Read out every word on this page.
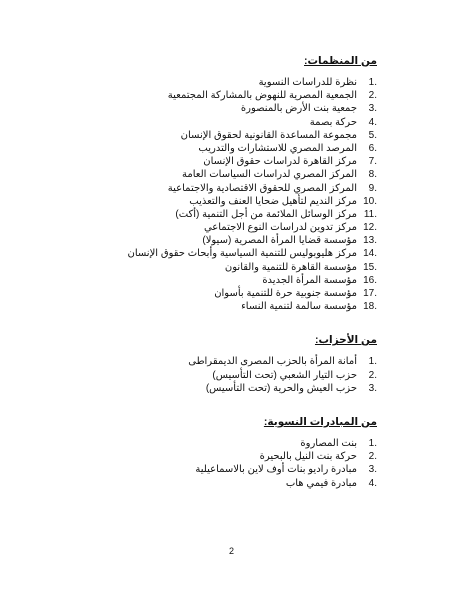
من المنظمات:
1.
نظرة للدراسات النسوية
2.
الجمعية المصرية للنهوض بالمشاركة المجتمعية
3.
جمعية بنت الأرض بالمنصورة
4.
حركة بصمة
5.
مجموعة المساعدة القانونية لحقوق الإنسان
6.
المرصد المصري للاستشارات والتدريب
7.
مركز القاهرة لدراسات حقوق الإنسان
8.
المركز المصري لدراسات السياسات العامة
9.
المركز المصري للحقوق الاقتصادية والاجتماعية
10.
مركز النديم لتأهيل ضحايا العنف والتعذيب
11.
مركز الوسائل الملائمة من أجل التنمية (أكت)
12.
مركز تدوين لدراسات النوع الاجتماعي
13.
مؤسسة قضايا المرأة المصرية (سيولا)
14.
مركز هليوبوليس للتنمية السياسية وأبحاث حقوق الإنسان
15.
مؤسسة القاهرة للتنمية والقانون
16.
مؤسسة المرأة الجديدة
17.
مؤسسة جنوبية حرة للتنمية بأسوان
18.
مؤسسة سالمة لتنمية النساء
من الأحزاب:
1.
أمانة المرأة بالحزب المصرى الديمقراطى
2.
حزب التيار الشعبي (تحت التأسيس)
3.
حزب العيش والحرية (تحت التأسيس)
من المبادرات النسوية:
1.
بنت المصاروة
2.
حركة بنت النيل بالبحيرة
3.
مبادرة راديو بنات أوف لاين بالاسماعيلية
4.
مبادرة فيمي هاب
2
